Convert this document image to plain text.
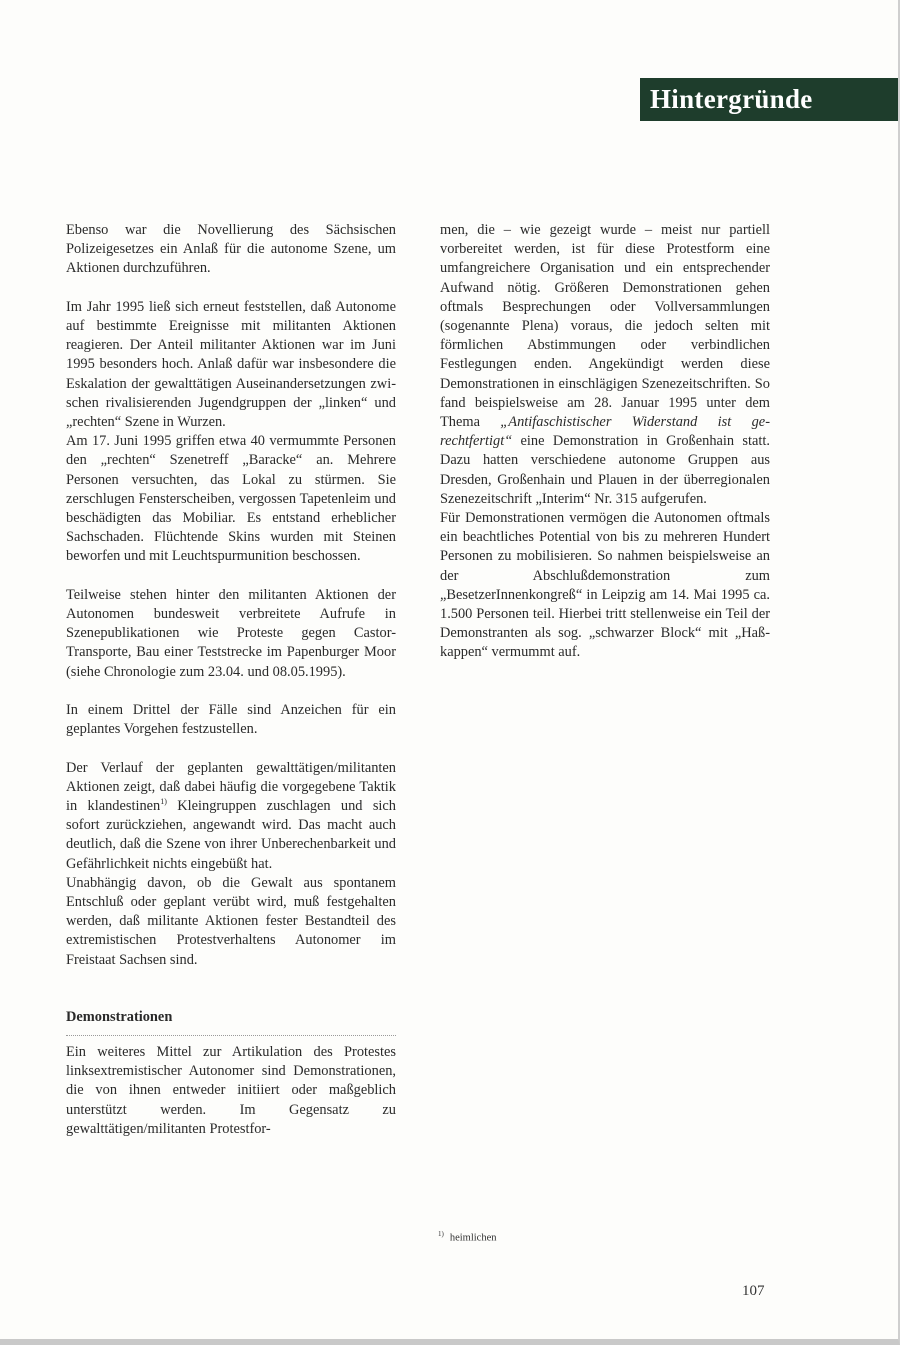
Hintergründe

Ebenso war die Novellierung des Sächsischen Polizeigesetzes ein Anlaß für die autonome Szene, um Aktionen durchzuführen.

Im Jahr 1995 ließ sich erneut feststellen, daß Autonome auf bestimmte Ereignisse mit militanten Aktionen reagieren. Der Anteil militanter Aktionen war im Juni 1995 besonders hoch. Anlaß dafür war insbesondere die Eskalation der gewalttätigen Auseinandersetzungen zwischen rivalisierenden Jugendgruppen der „linken“ und „rechten“ Szene in Wurzen.

Am 17. Juni 1995 griffen etwa 40 vermummte Personen den „rechten“ Szenetreff „Baracke“ an. Mehrere Personen versuchten, das Lokal zu stürmen. Sie zerschlugen Fensterscheiben, vergossen Tapetenleim und beschädigten das Mobiliar. Es entstand erheblicher Sachschaden. Flüchtende Skins wurden mit Steinen beworfen und mit Leuchtspurmunition beschossen.

Teilweise stehen hinter den militanten Aktionen der Autonomen bundesweit verbreitete Aufrufe in Szenepublikationen wie Proteste gegen Castor-Transporte, Bau einer Teststrecke im Papenburger Moor (siehe Chronologie zum 23.04. und 08.05.1995).

In einem Drittel der Fälle sind Anzeichen für ein geplantes Vorgehen festzustellen.

Der Verlauf der geplanten gewalttätigen/militanten Aktionen zeigt, daß dabei häufig die vorgegebene Taktik in klandestinen$^{1)}$ Kleingruppen zuschlagen und sich sofort zurückziehen, angewandt wird. Das macht auch deutlich, daß die Szene von ihrer Unberechenbarkeit und Gefährlichkeit nichts eingebüßt hat.

Unabhängig davon, ob die Gewalt aus spontanem Entschluß oder geplant verübt wird, muß festgehalten werden, daß militante Aktionen fester Bestandteil des extremistischen Protestverhaltens Autonomer im Freistaat Sachsen sind.

Demonstrationen

Ein weiteres Mittel zur Artikulation des Protestes linksextremistischer Autonomer sind Demonstrationen, die von ihnen entweder initiiert oder maßgeblich unterstützt werden. Im Gegensatz zu gewalttätigen/militanten Protestfor-

men, die – wie gezeigt wurde – meist nur partiell vorbereitet werden, ist für diese Protestform eine umfangreichere Organisation und ein entsprechender Aufwand nötig. Größeren Demonstrationen gehen oftmals Besprechungen oder Vollversammlungen (sogenannte Plena) voraus, die jedoch selten mit förmlichen Abstimmungen oder verbindlichen Festlegungen enden. Angekündigt werden diese Demonstrationen in einschlägigen Szenezeitschriften. So fand beispielsweise am 28. Januar 1995 unter dem Thema „Antifaschistischer Widerstand ist gerechtfertigt“ eine Demonstration in Großenhain statt. Dazu hatten verschiedene autonome Gruppen aus Dresden, Großenhain und Plauen in der überregionalen Szenezeitschrift „Interim“ Nr. 315 aufgerufen.

Für Demonstrationen vermögen die Autonomen oftmals ein beachtliches Potential von bis zu mehreren Hundert Personen zu mobilisieren. So nahmen beispielsweise an der Abschlußdemonstration zum „BesetzerInnenkongreß“ in Leipzig am 14. Mai 1995 ca. 1.500 Personen teil. Hierbei tritt stellenweise ein Teil der Demonstranten als sog. „schwarzer Block“ mit „Haßkappen“ vermummt auf.

$^{1)}$ heimlichen
107
